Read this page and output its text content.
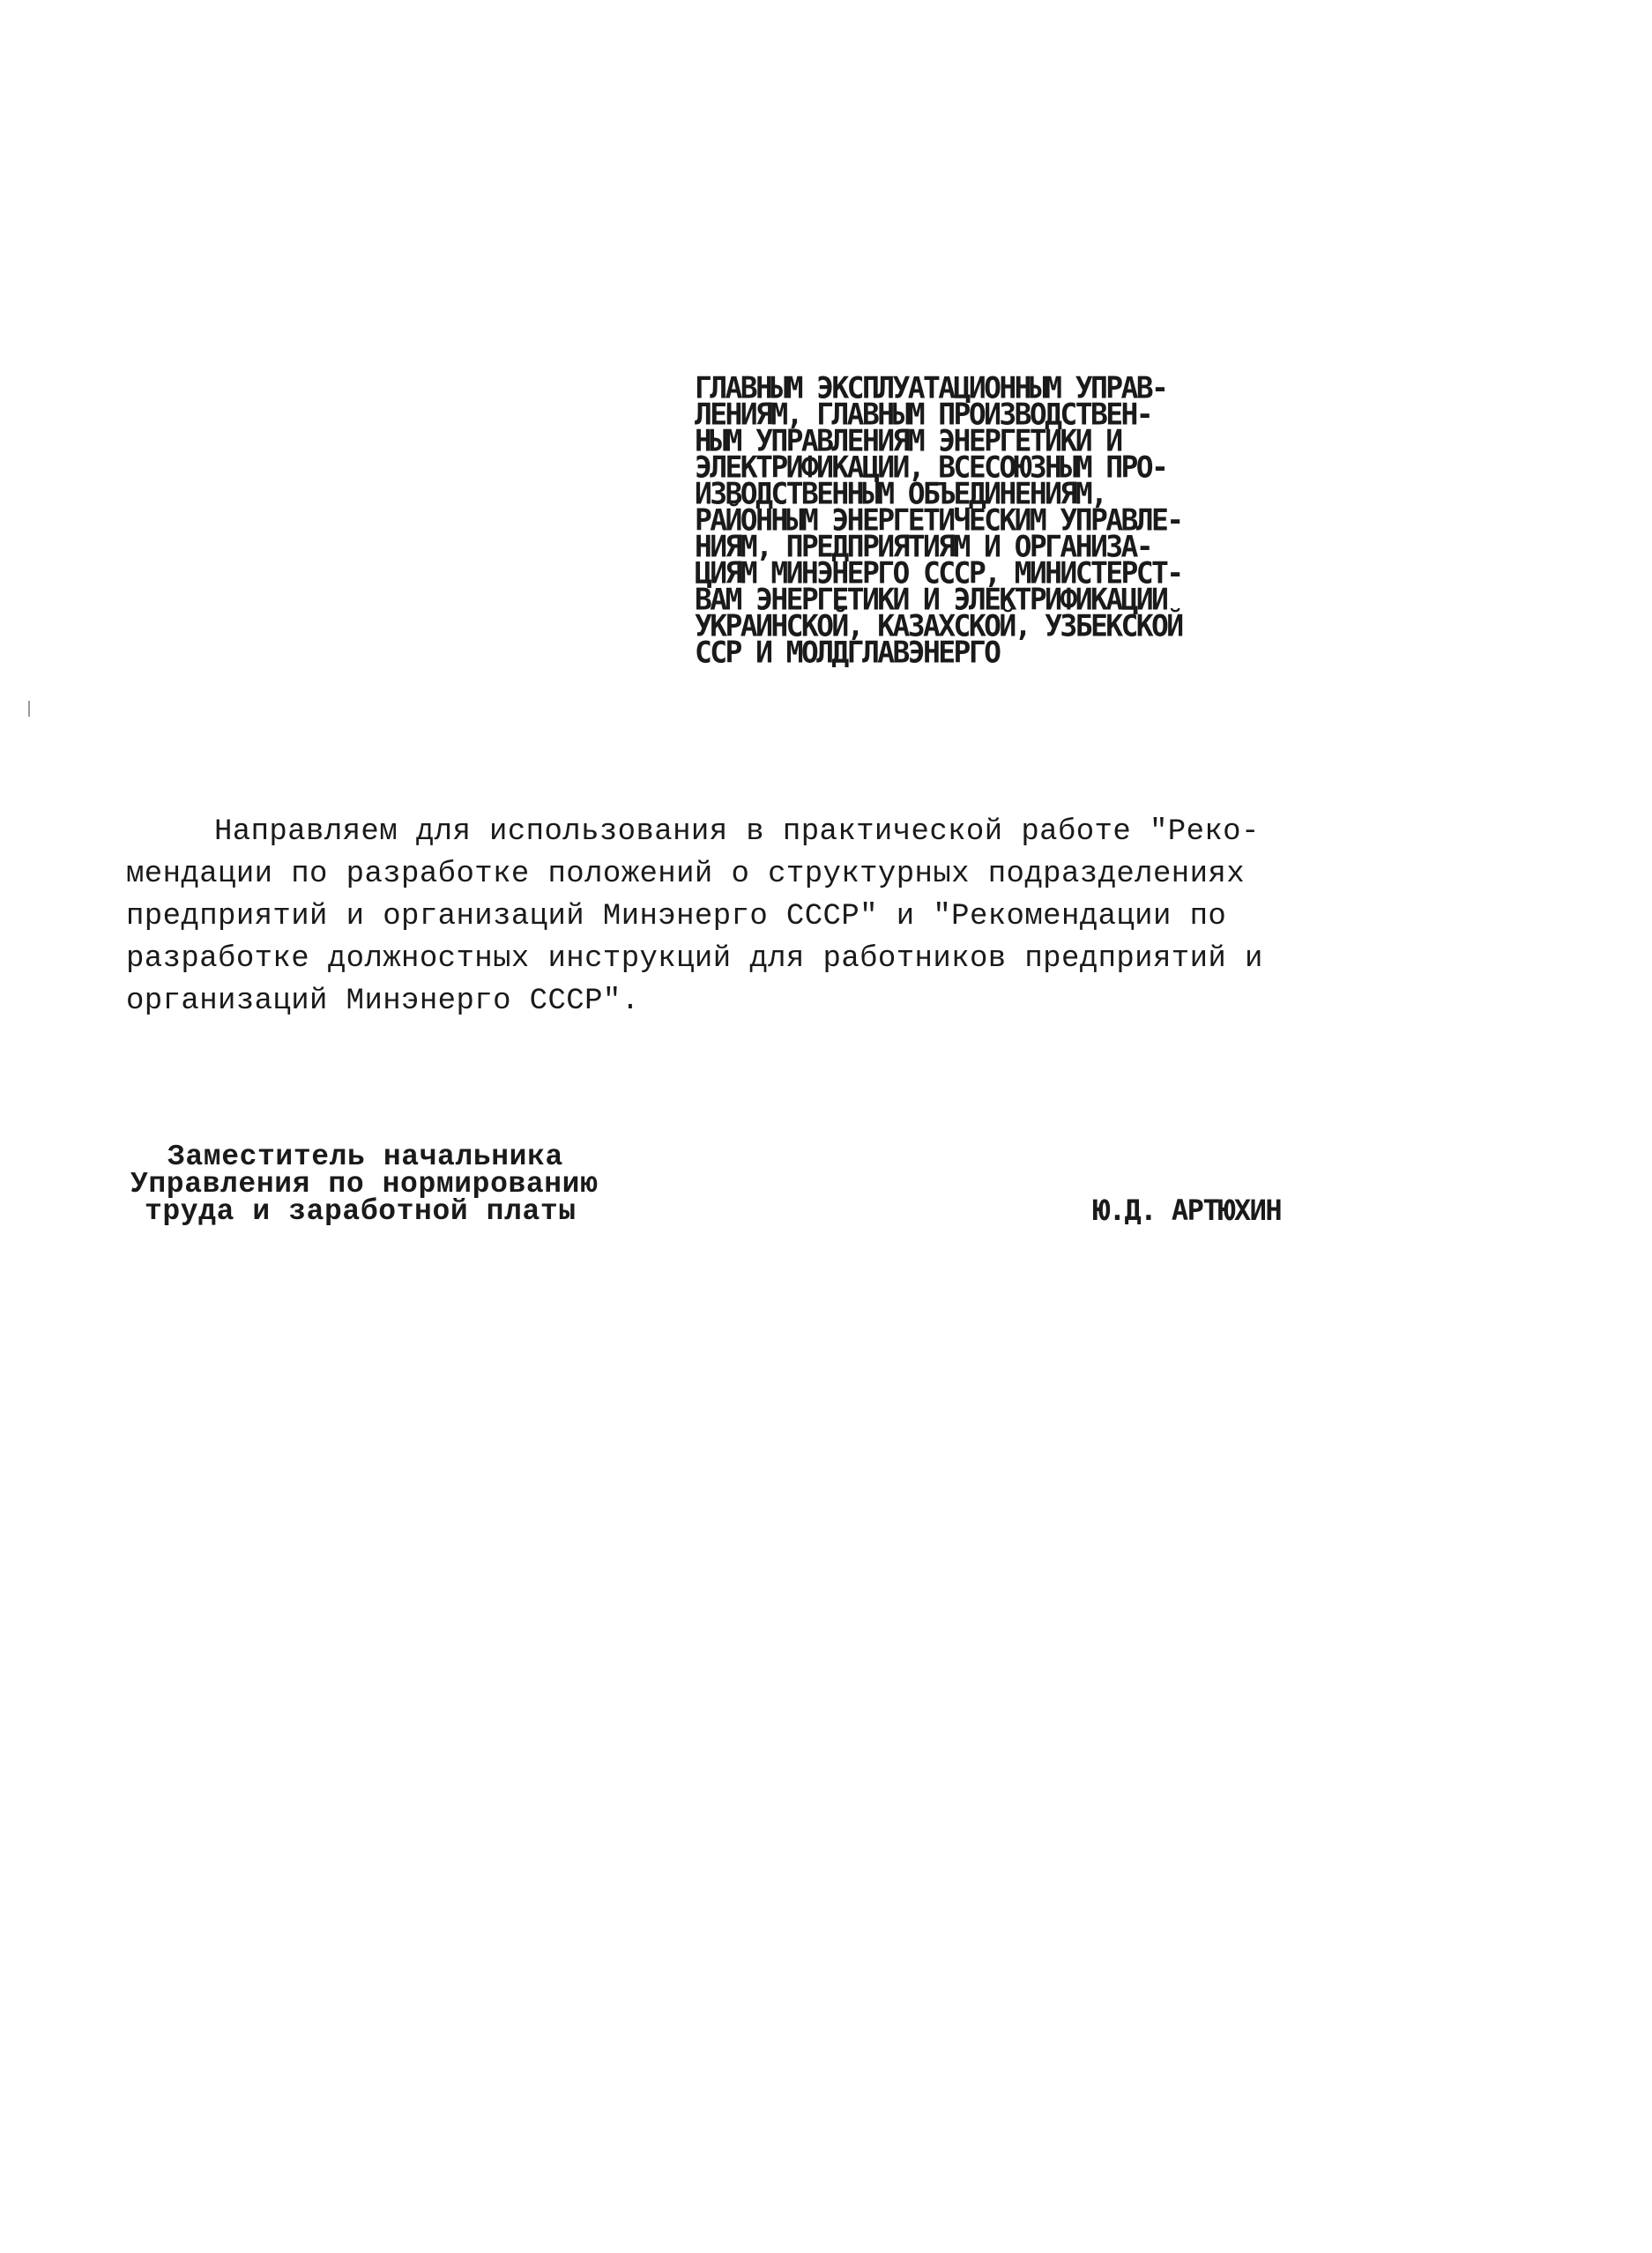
ГЛАВНЫМ ЭКСПЛУАТАЦИОННЫМ УПРАВ-
ЛЕНИЯМ, ГЛАВНЫМ ПРОИЗВОДСТВЕН-
НЫМ УПРАВЛЕНИЯМ ЭНЕРГЕТИКИ И
ЭЛЕКТРИФИКАЦИИ, ВСЕСОЮЗНЫМ ПРО-
ИЗВОДСТВЕННЫМ ОБЪЕДИНЕНИЯМ,
РАЙОННЫМ ЭНЕРГЕТИЧЕСКИМ УПРАВЛЕ-
НИЯМ, ПРЕДПРИЯТИЯМ И ОРГАНИЗА-
ЦИЯМ МИНЭНЕРГО СССР, МИНИСТЕРСТ-
ВАМ ЭНЕРГЕТИКИ И ЭЛЕКТРИФИКАЦИИ
УКРАИНСКОЙ, КАЗАХСКОЙ, УЗБЕКСКОЙ
ССР И МОЛДГЛАВЭНЕРГО
Направляем для использования в практической работе "Реко-
мендации по разработке положений о структурных подразделениях
предприятий и организаций Минэнерго СССР" и "Рекомендации по
разработке должностных инструкций для работников предприятий и
организаций Минэнерго СССР".
Заместитель начальника
Управления по нормированию
труда и заработной платы	Ю.Д. АРТЮХИН
